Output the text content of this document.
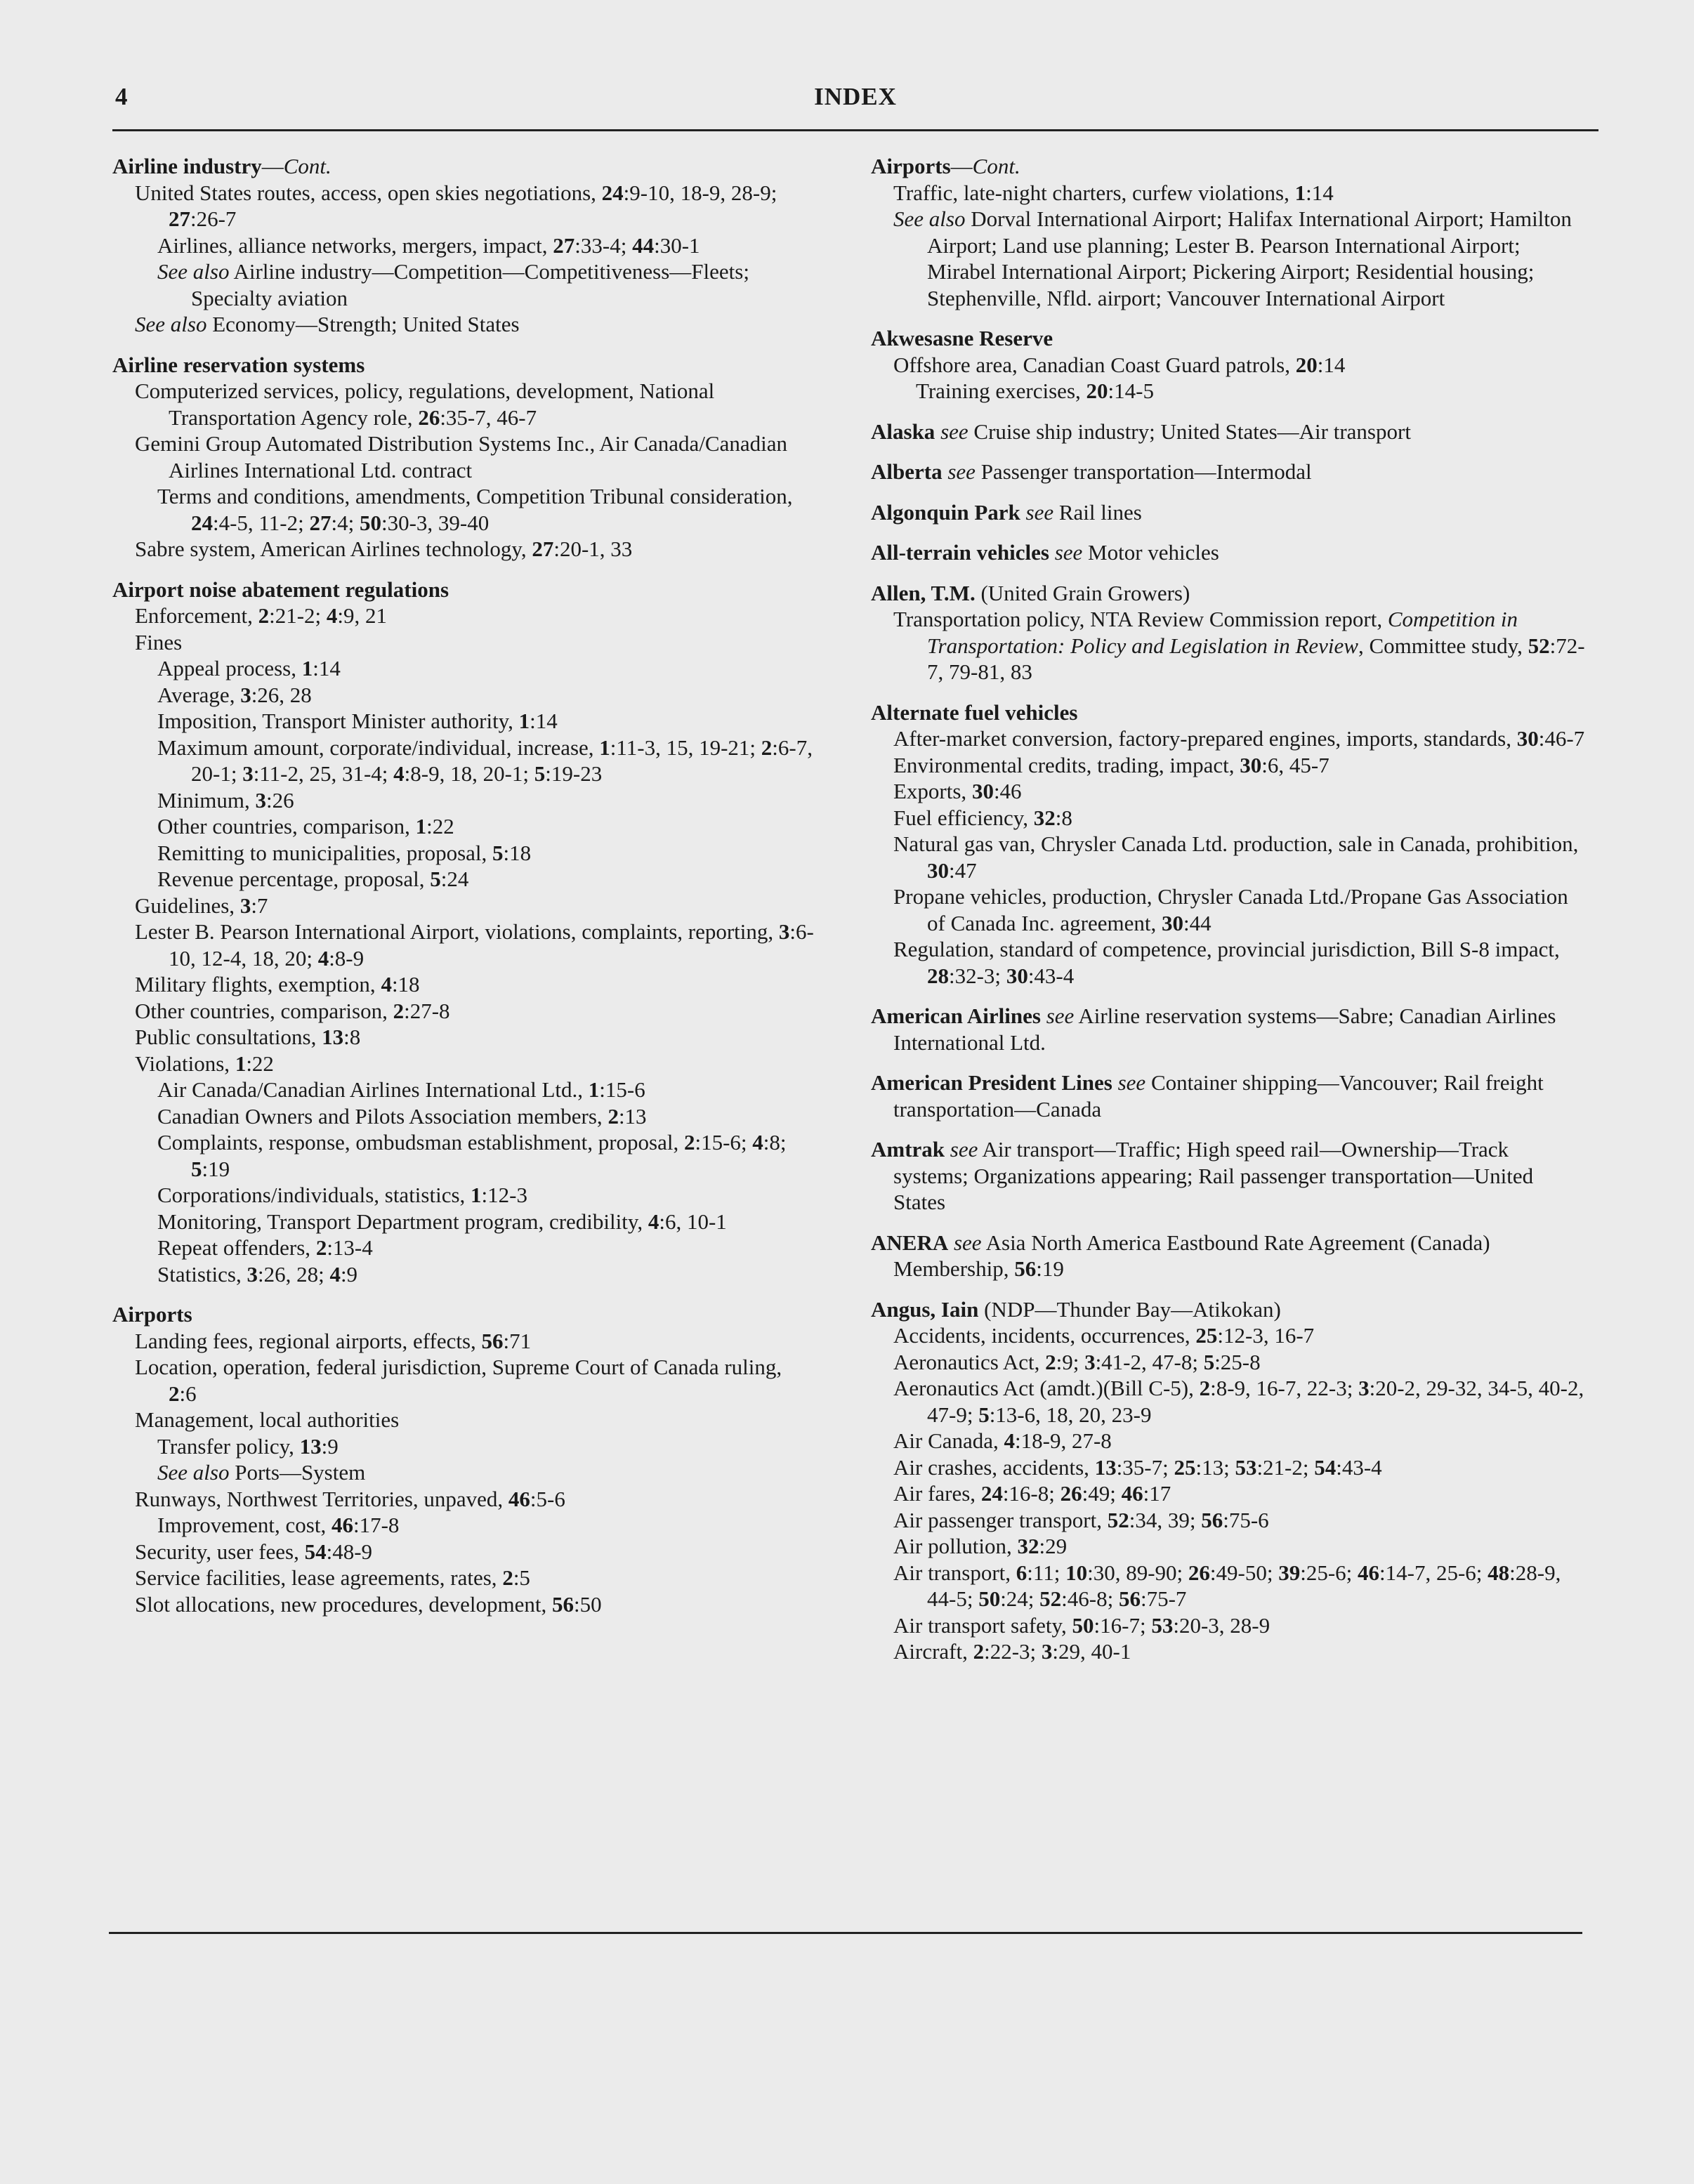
4	INDEX
Airline industry—Cont.
United States routes, access, open skies negotiations, 24:9-10, 18-9, 28-9; 27:26-7
Airlines, alliance networks, mergers, impact, 27:33-4; 44:30-1
See also Airline industry—Competition—Competitiveness—Fleets; Specialty aviation
See also Economy—Strength; United States
Airline reservation systems
Computerized services, policy, regulations, development, National Transportation Agency role, 26:35-7, 46-7
Gemini Group Automated Distribution Systems Inc., Air Canada/Canadian Airlines International Ltd. contract
Terms and conditions, amendments, Competition Tribunal consideration, 24:4-5, 11-2; 27:4; 50:30-3, 39-40
Sabre system, American Airlines technology, 27:20-1, 33
Airport noise abatement regulations
Enforcement, 2:21-2; 4:9, 21
Fines
Appeal process, 1:14
Average, 3:26, 28
Imposition, Transport Minister authority, 1:14
Maximum amount, corporate/individual, increase, 1:11-3, 15, 19-21; 2:6-7, 20-1; 3:11-2, 25, 31-4; 4:8-9, 18, 20-1; 5:19-23
Minimum, 3:26
Other countries, comparison, 1:22
Remitting to municipalities, proposal, 5:18
Revenue percentage, proposal, 5:24
Guidelines, 3:7
Lester B. Pearson International Airport, violations, complaints, reporting, 3:6-10, 12-4, 18, 20; 4:8-9
Military flights, exemption, 4:18
Other countries, comparison, 2:27-8
Public consultations, 13:8
Violations, 1:22
Air Canada/Canadian Airlines International Ltd., 1:15-6
Canadian Owners and Pilots Association members, 2:13
Complaints, response, ombudsman establishment, proposal, 2:15-6; 4:8; 5:19
Corporations/individuals, statistics, 1:12-3
Monitoring, Transport Department program, credibility, 4:6, 10-1
Repeat offenders, 2:13-4
Statistics, 3:26, 28; 4:9
Airports
Landing fees, regional airports, effects, 56:71
Location, operation, federal jurisdiction, Supreme Court of Canada ruling, 2:6
Management, local authorities
Transfer policy, 13:9
See also Ports—System
Runways, Northwest Territories, unpaved, 46:5-6
Improvement, cost, 46:17-8
Security, user fees, 54:48-9
Service facilities, lease agreements, rates, 2:5
Slot allocations, new procedures, development, 56:50
Airports—Cont.
Traffic, late-night charters, curfew violations, 1:14
See also Dorval International Airport; Halifax International Airport; Hamilton Airport; Land use planning; Lester B. Pearson International Airport; Mirabel International Airport; Pickering Airport; Residential housing; Stephenville, Nfld. airport; Vancouver International Airport
Akwesasne Reserve
Offshore area, Canadian Coast Guard patrols, 20:14
Training exercises, 20:14-5
Alaska see Cruise ship industry; United States—Air transport
Alberta see Passenger transportation—Intermodal
Algonquin Park see Rail lines
All-terrain vehicles see Motor vehicles
Allen, T.M. (United Grain Growers)
Transportation policy, NTA Review Commission report, Competition in Transportation: Policy and Legislation in Review, Committee study, 52:72-7, 79-81, 83
Alternate fuel vehicles
After-market conversion, factory-prepared engines, imports, standards, 30:46-7
Environmental credits, trading, impact, 30:6, 45-7
Exports, 30:46
Fuel efficiency, 32:8
Natural gas van, Chrysler Canada Ltd. production, sale in Canada, prohibition, 30:47
Propane vehicles, production, Chrysler Canada Ltd./Propane Gas Association of Canada Inc. agreement, 30:44
Regulation, standard of competence, provincial jurisdiction, Bill S-8 impact, 28:32-3; 30:43-4
American Airlines see Airline reservation systems—Sabre; Canadian Airlines International Ltd.
American President Lines see Container shipping—Vancouver; Rail freight transportation—Canada
Amtrak see Air transport—Traffic; High speed rail—Ownership—Track systems; Organizations appearing; Rail passenger transportation—United States
ANERA see Asia North America Eastbound Rate Agreement (Canada)
Membership, 56:19
Angus, Iain (NDP—Thunder Bay—Atikokan)
Accidents, incidents, occurrences, 25:12-3, 16-7
Aeronautics Act, 2:9; 3:41-2, 47-8; 5:25-8
Aeronautics Act (amdt.)(Bill C-5), 2:8-9, 16-7, 22-3; 3:20-2, 29-32, 34-5, 40-2, 47-9; 5:13-6, 18, 20, 23-9
Air Canada, 4:18-9, 27-8
Air crashes, accidents, 13:35-7; 25:13; 53:21-2; 54:43-4
Air fares, 24:16-8; 26:49; 46:17
Air passenger transport, 52:34, 39; 56:75-6
Air pollution, 32:29
Air transport, 6:11; 10:30, 89-90; 26:49-50; 39:25-6; 46:14-7, 25-6; 48:28-9, 44-5; 50:24; 52:46-8; 56:75-7
Air transport safety, 50:16-7; 53:20-3, 28-9
Aircraft, 2:22-3; 3:29, 40-1
